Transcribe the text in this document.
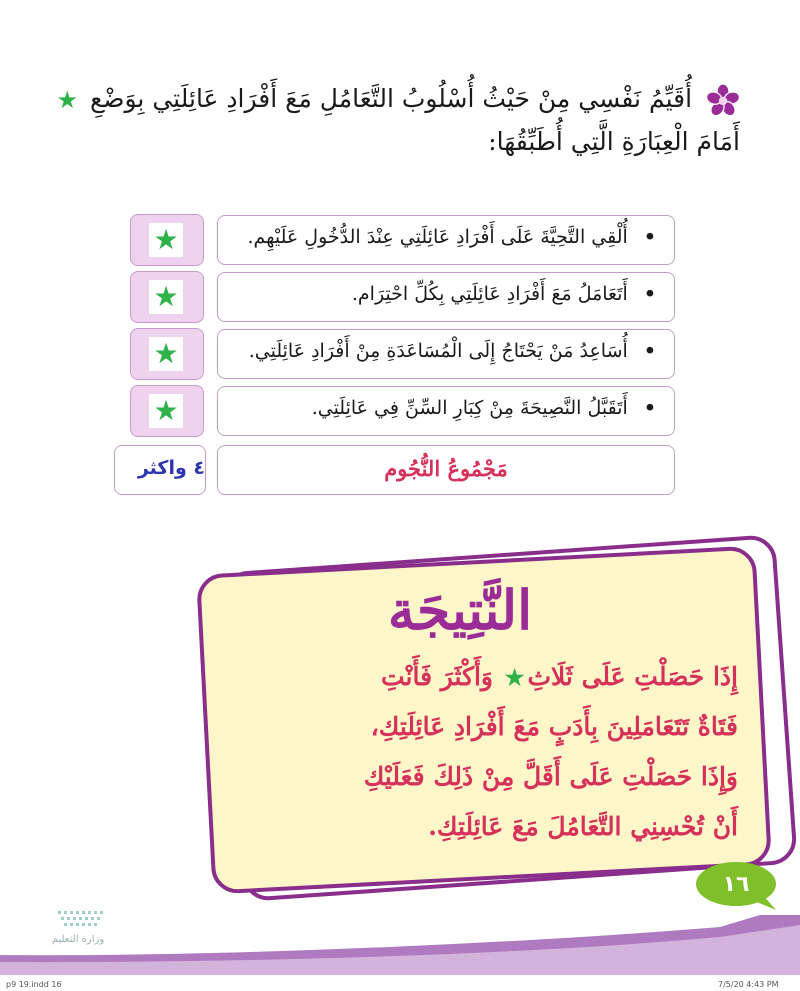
أُقَيِّمُ نَفْسِي مِنْ حَيْثُ أُسْلُوبُ التَّعَامُلِ مَعَ أَفْرَادِ عَائِلَتِي بِوَضْعِ ★ أَمَامَ الْعِبَارَةِ الَّتِي أُطَبِّقُهَا:
• أُلْقِي التَّحِيَّةَ عَلَى أَفْرَادِ عَائِلَتِي عِنْدَ الدُّخُولِ عَلَيْهِم.
★
• أَتَعَامَلُ مَعَ أَفْرَادِ عَائِلَتِي بِكُلِّ احْتِرَام.
★
• أُسَاعِدُ مَنْ يَحْتَاجُ إِلَى الْمُسَاعَدَةِ مِنْ أَفْرَادِ عَائِلَتِي.
★
• أَتَقَبَّلُ النَّصِيحَةَ مِنْ كِبَارِ السِّنِّ فِي عَائِلَتِي.
★
مَجْمُوعُ النُّجُوم
٤ واكثر
النَّتِيجَة
إِذَا حَصَلْتِ عَلَى ثَلَاثِ★ وَأَكْثَرَ فَأَنْتِ
فَتَاةٌ تَتَعَامَلِينَ بِأَدَبٍ مَعَ أَفْرَادِ عَائِلَتِكِ،
وَإِذَا حَصَلْتِ عَلَى أَقَلَّ مِنْ ذَلِكَ فَعَلَيْكِ
أَنْ تُحْسِنِي التَّعَامُلَ مَعَ عَائِلَتِكِ.
١٦
وزارة التعليم
p9 19.indd 16	7/5/20 4:43 PM
